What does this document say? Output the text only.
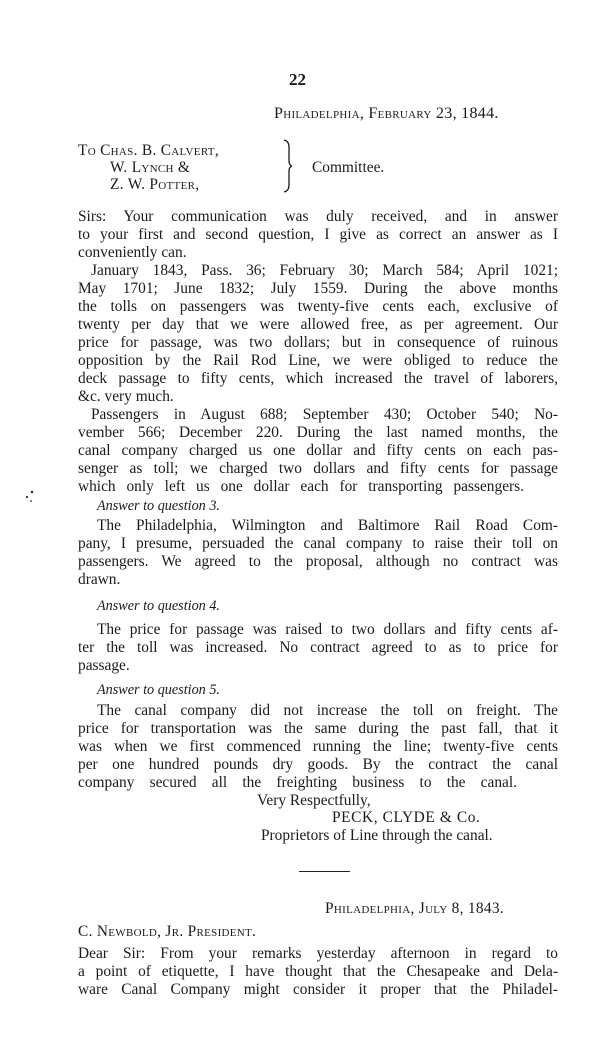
22
Philadelphia, February 23, 1844.
To Chas. B. Calvert,
W. Lynch &
Z. W. Potter,
Committee.
Sirs: Your communication was duly received, and in answer
to your first and second question, I give as correct an answer as I
conveniently can.
January 1843, Pass. 36; February 30; March 584; April 1021;
May 1701; June 1832; July 1559. During the above months
the tolls on passengers was twenty-five cents each, exclusive of
twenty per day that we were allowed free, as per agreement. Our
price for passage, was two dollars; but in consequence of ruinous
opposition by the Rail Rod Line, we were obliged to reduce the
deck passage to fifty cents, which increased the travel of laborers,
&c. very much.
Passengers in August 688; September 430; October 540; No-
vember 566; December 220. During the last named months, the
canal company charged us one dollar and fifty cents on each pas-
senger as toll; we charged two dollars and fifty cents for passage
which only left us one dollar each for transporting passengers.
Answer to question 3.
The Philadelphia, Wilmington and Baltimore Rail Road Com-
pany, I presume, persuaded the canal company to raise their toll on
passengers. We agreed to the proposal, although no contract was
drawn.
Answer to question 4.
The price for passage was raised to two dollars and fifty cents af-
ter the toll was increased. No contract agreed to as to price for
passage.
Answer to question 5.
The canal company did not increase the toll on freight. The
price for transportation was the same during the past fall, that it
was when we first commenced running the line; twenty-five cents
per one hundred pounds dry goods. By the contract the canal
company secured all the freighting business to the canal.
Very Respectfully,
PECK, CLYDE & Co.
Proprietors of Line through the canal.
Philadelphia, July 8, 1843.
C. Newbold, Jr. President.
Dear Sir: From your remarks yesterday afternoon in regard to
a point of etiquette, I have thought that the Chesapeake and Dela-
ware Canal Company might consider it proper that the Philadel-
